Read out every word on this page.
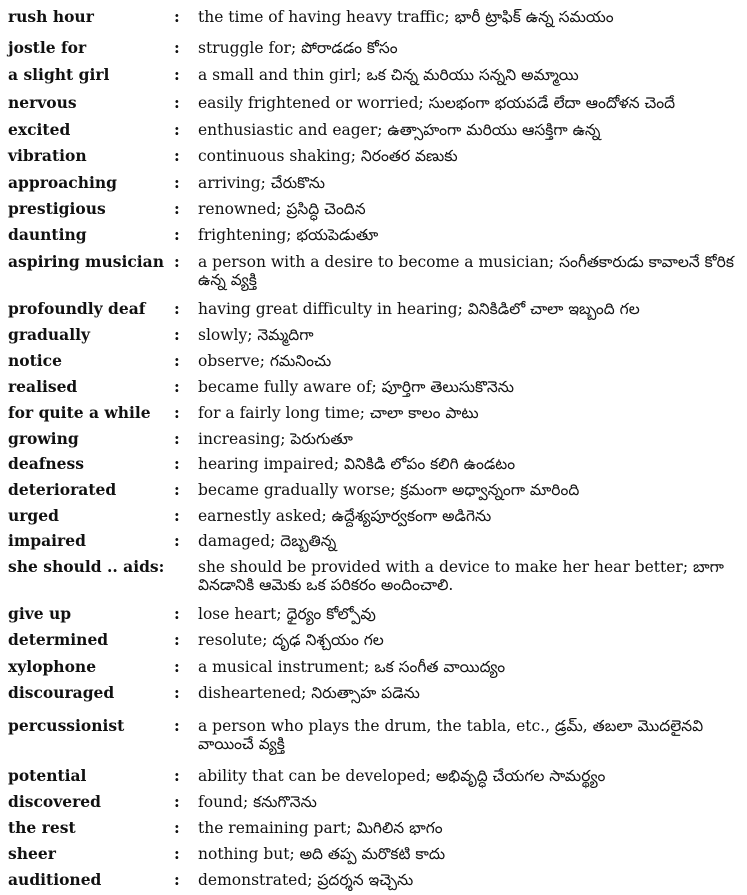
rush hour	: the time of having heavy traffic; భారీ ట్రాఫిక్ ఉన్న సమయం
jostle for	: struggle for; పోరాడడం కోసం
a slight girl	: a small and thin girl; ఒక చిన్న మరియు సన్నని అమ్మాయి
nervous	: easily frightened or worried; సులభంగా భయపడే లేదా ఆందోళన చెందే
excited	: enthusiastic and eager; ఉత్సాహంగా మరియు ఆసక్తిగా ఉన్న
vibration	: continuous shaking; నిరంతర వణుకు
approaching	: arriving; చేరుకొను
prestigious	: renowned; ప్రసిద్ధి చెందిన
daunting	: frightening; భయపెడుతూ
aspiring musician : a person with a desire to become a musician; సంగీతకారుడు కావాలనే కోరిక ఉన్న వ్యక్తి
profoundly deaf : having great difficulty in hearing; వినికిడిలో చాలా ఇబ్బంది గల
gradually	: slowly; నెమ్మదిగా
notice	: observe; గమనించు
realised	: became fully aware of; పూర్తిగా తెలుసుకొనెను
for quite a while : for a fairly long time; చాలా కాలం పాటు
growing	: increasing; పెరుగుతూ
deafness	: hearing impaired; వినికిడి లోపం కలిగి ఉండటం
deteriorated	: became gradually worse; క్రమంగా అధ్వాన్నంగా మారింది
urged	: earnestly asked; ఉద్దేశ్యపూర్వకంగా అడిగెను
impaired	: damaged; దెబ్బతిన్న
she should .. aids: she should be provided with a device to make her hear better; బాగా వినడానికి ఆమెకు ఒక పరికరం అందించాలి.
give up	: lose heart; ధైర్యం కోల్పోవు
determined	: resolute; దృఢ నిశ్చయం గల
xylophone	: a musical instrument; ఒక సంగీత వాయిద్యం
discouraged	: disheartened; నిరుత్సాహ పడెను
percussionist	: a person who plays the drum, the tabla, etc., డ్రమ్, తబలా మొదలైనవి వాయించే వ్యక్తి
potential	: ability that can be developed; అభివృద్ధి చేయగల సామర్థ్యం
discovered	: found; కనుగొనెను
the rest	: the remaining part; మిగిలిన భాగం
sheer	: nothing but; అది తప్ప మరొకటి కాదు
auditioned	: demonstrated; ప్రదర్శన ఇచ్చెను
